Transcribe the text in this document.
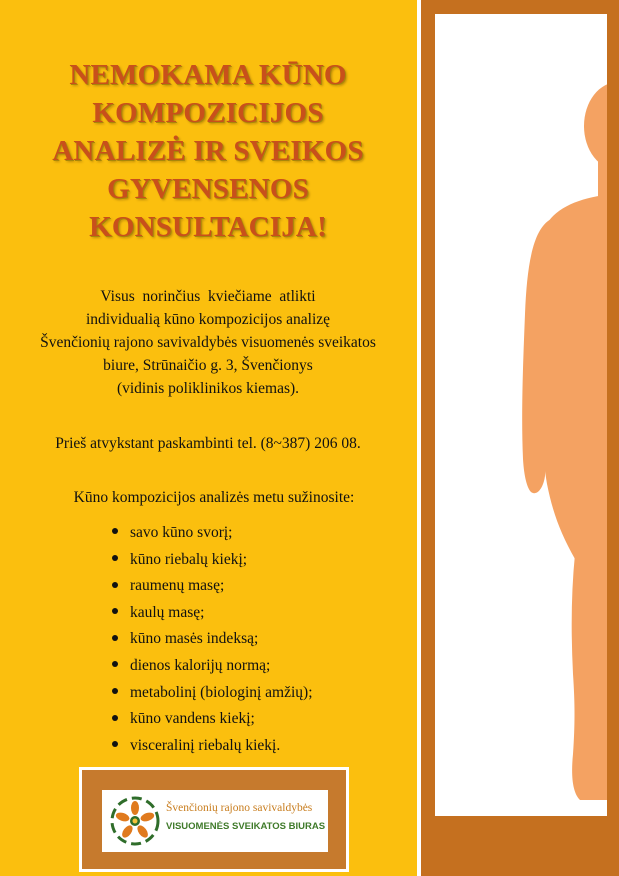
NEMOKAMA KŪNO
KOMPOZICIJOS
ANALIZĖ IR SVEIKOS
GYVENSENOS
KONSULTACIJA!
Visus  norinčius  kviečiame  atlikti
individualią kūno kompozicijos analizę
Švenčionių rajono savivaldybės visuomenės sveikatos
biure, Strūnaičio g. 3, Švenčionys
(vidinis poliklinikos kiemas).
Prieš atvykstant paskambinti tel. (8~387) 206 08.
Kūno kompozicijos analizės metu sužinosite:
savo kūno svorį;
kūno riebalų kiekį;
raumenų masę;
kaulų masę;
kūno masės indeksą;
dienos kalorijų normą;
metabolinį (biologinį amžių);
kūno vandens kiekį;
visceralinį riebalų kiekį.
Švenčionių rajono savivaldybės
VISUOMENĖS SVEIKATOS BIURAS
